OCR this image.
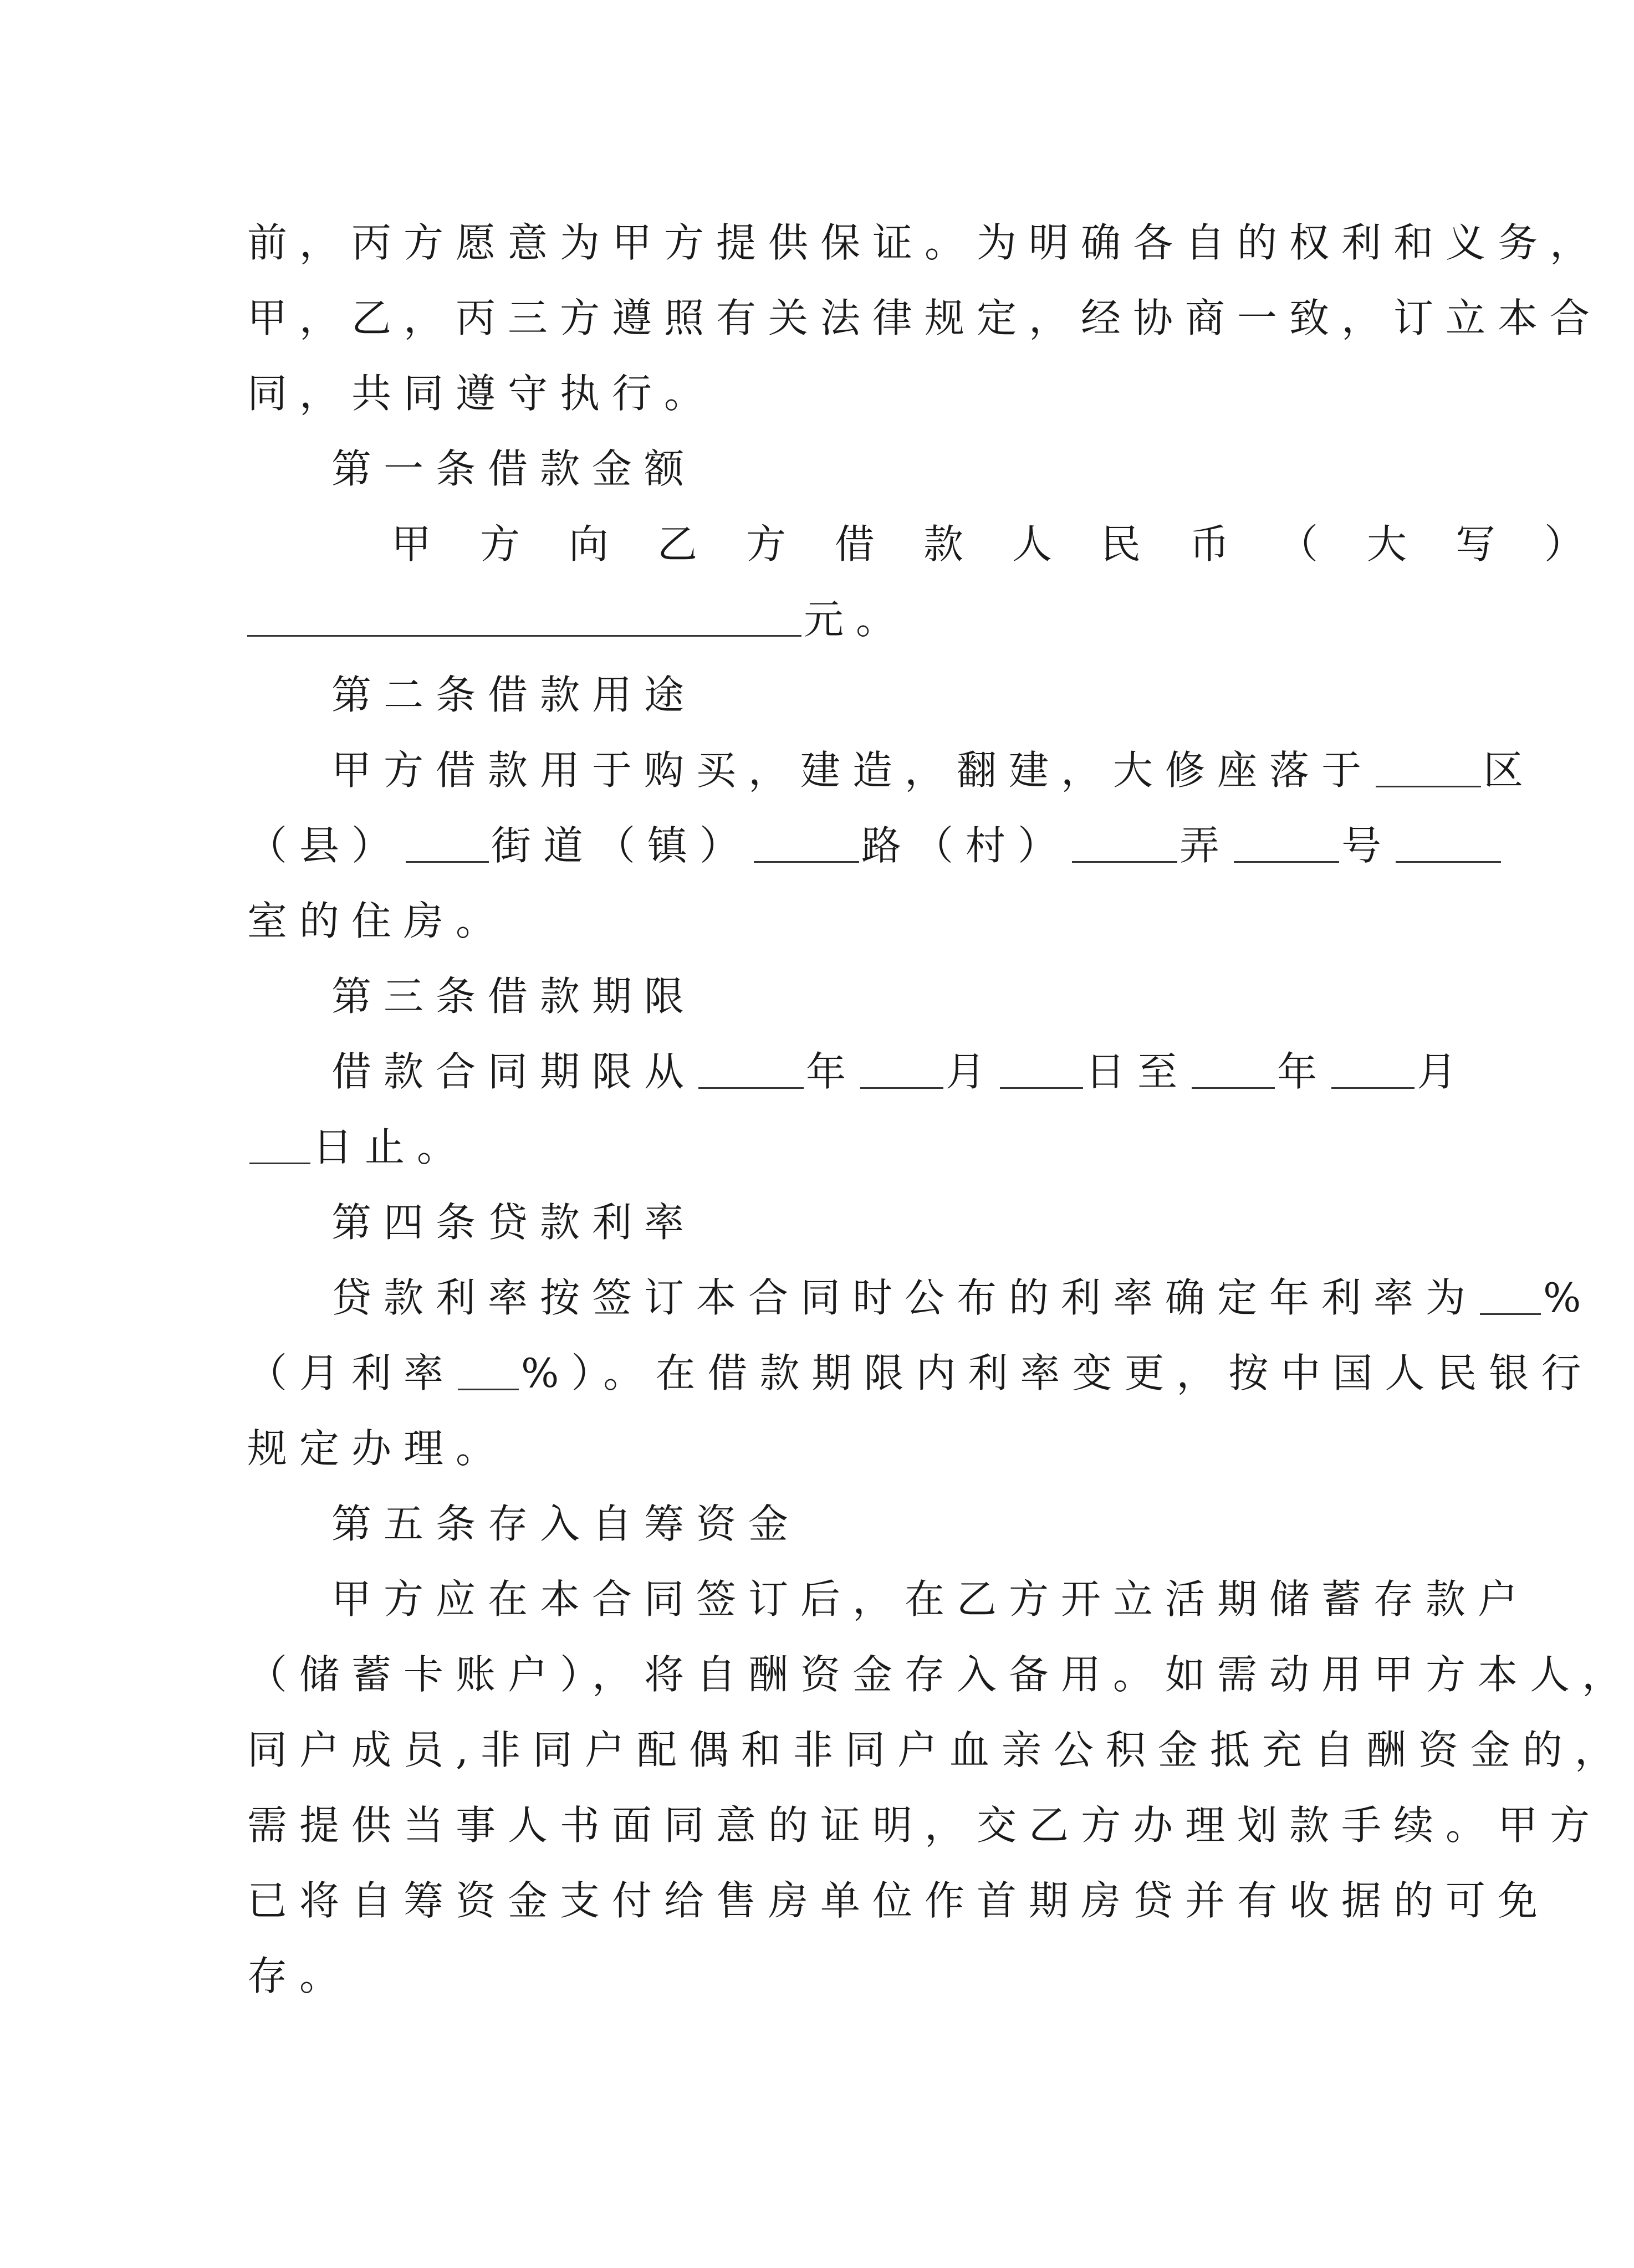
前，丙方愿意为甲方提供保证。为明确各自的权利和义务，
甲，乙，丙三方遵照有关法律规定，经协商一致，订立本合
同，共同遵守执行。
第一条借款金额
甲方向乙方借款人民币（大写）
元。
第二条借款用途
甲方借款用于购买，建造，翻建，大修座落于	区
（县） 街道（镇）	路（村）	弄	号
室的住房。
第三条借款期限
借款合同期限从	年 月 日至 年 月
日止。
第四条贷款利率
贷款利率按签订本合同时公布的利率确定年利率为 %
（月利率 %）。在借款期限内利率变更，按中国人民银行
规定办理。
第五条存入自筹资金
甲方应在本合同签订后，在乙方开立活期储蓄存款户
（储蓄卡账户），将自酬资金存入备用。如需动用甲方本人，
同户成员,非同户配偶和非同户血亲公积金抵充自酬资金的，
需提供当事人书面同意的证明，交乙方办理划款手续。甲方
已将自筹资金支付给售房单位作首期房贷并有收据的可免
存。
